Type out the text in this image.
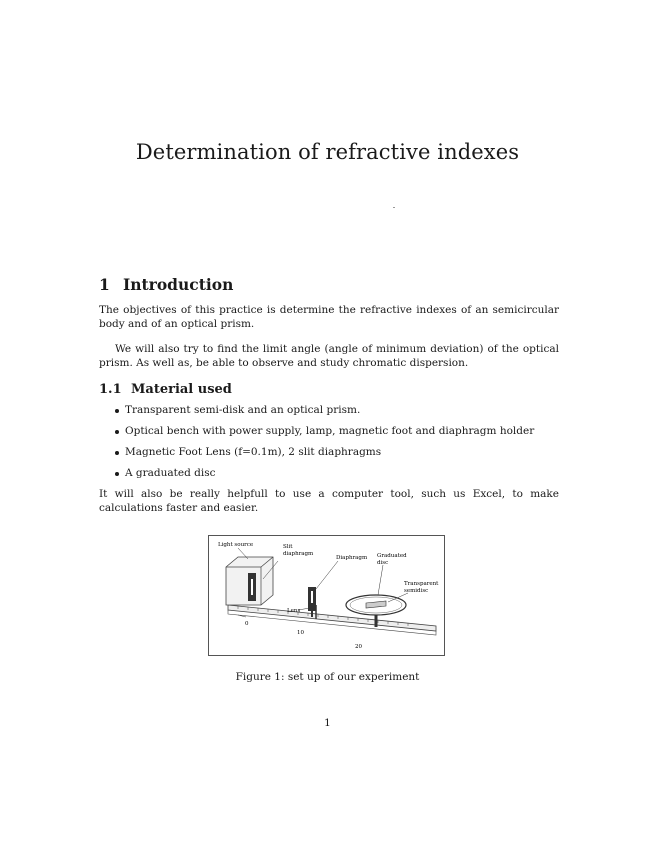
Determination of refractive indexes
1 Introduction

The objectives of this practice is determine the refractive indexes of an semicircular body and of an optical prism.

We will also try to find the limit angle (angle of minimum deviation) of the optical prism. As well as, be able to observe and study chromatic dispersion.

1.1 Material used
Transparent semi-disk and an optical prism.
Optical bench with power supply, lamp, magnetic foot and diaphragm holder
Magnetic Foot Lens (f=0.1m), 2 slit diaphragms
A graduated disc

It will also be really helpfull to use a computer tool, such us Excel, to make calculations faster and easier.

Light source	Slit
diaphragm
Diaphragm Graduated
disc
Transparent
semidisc
Lens
0
10
20

Figure 1: set up of our experiment

1
